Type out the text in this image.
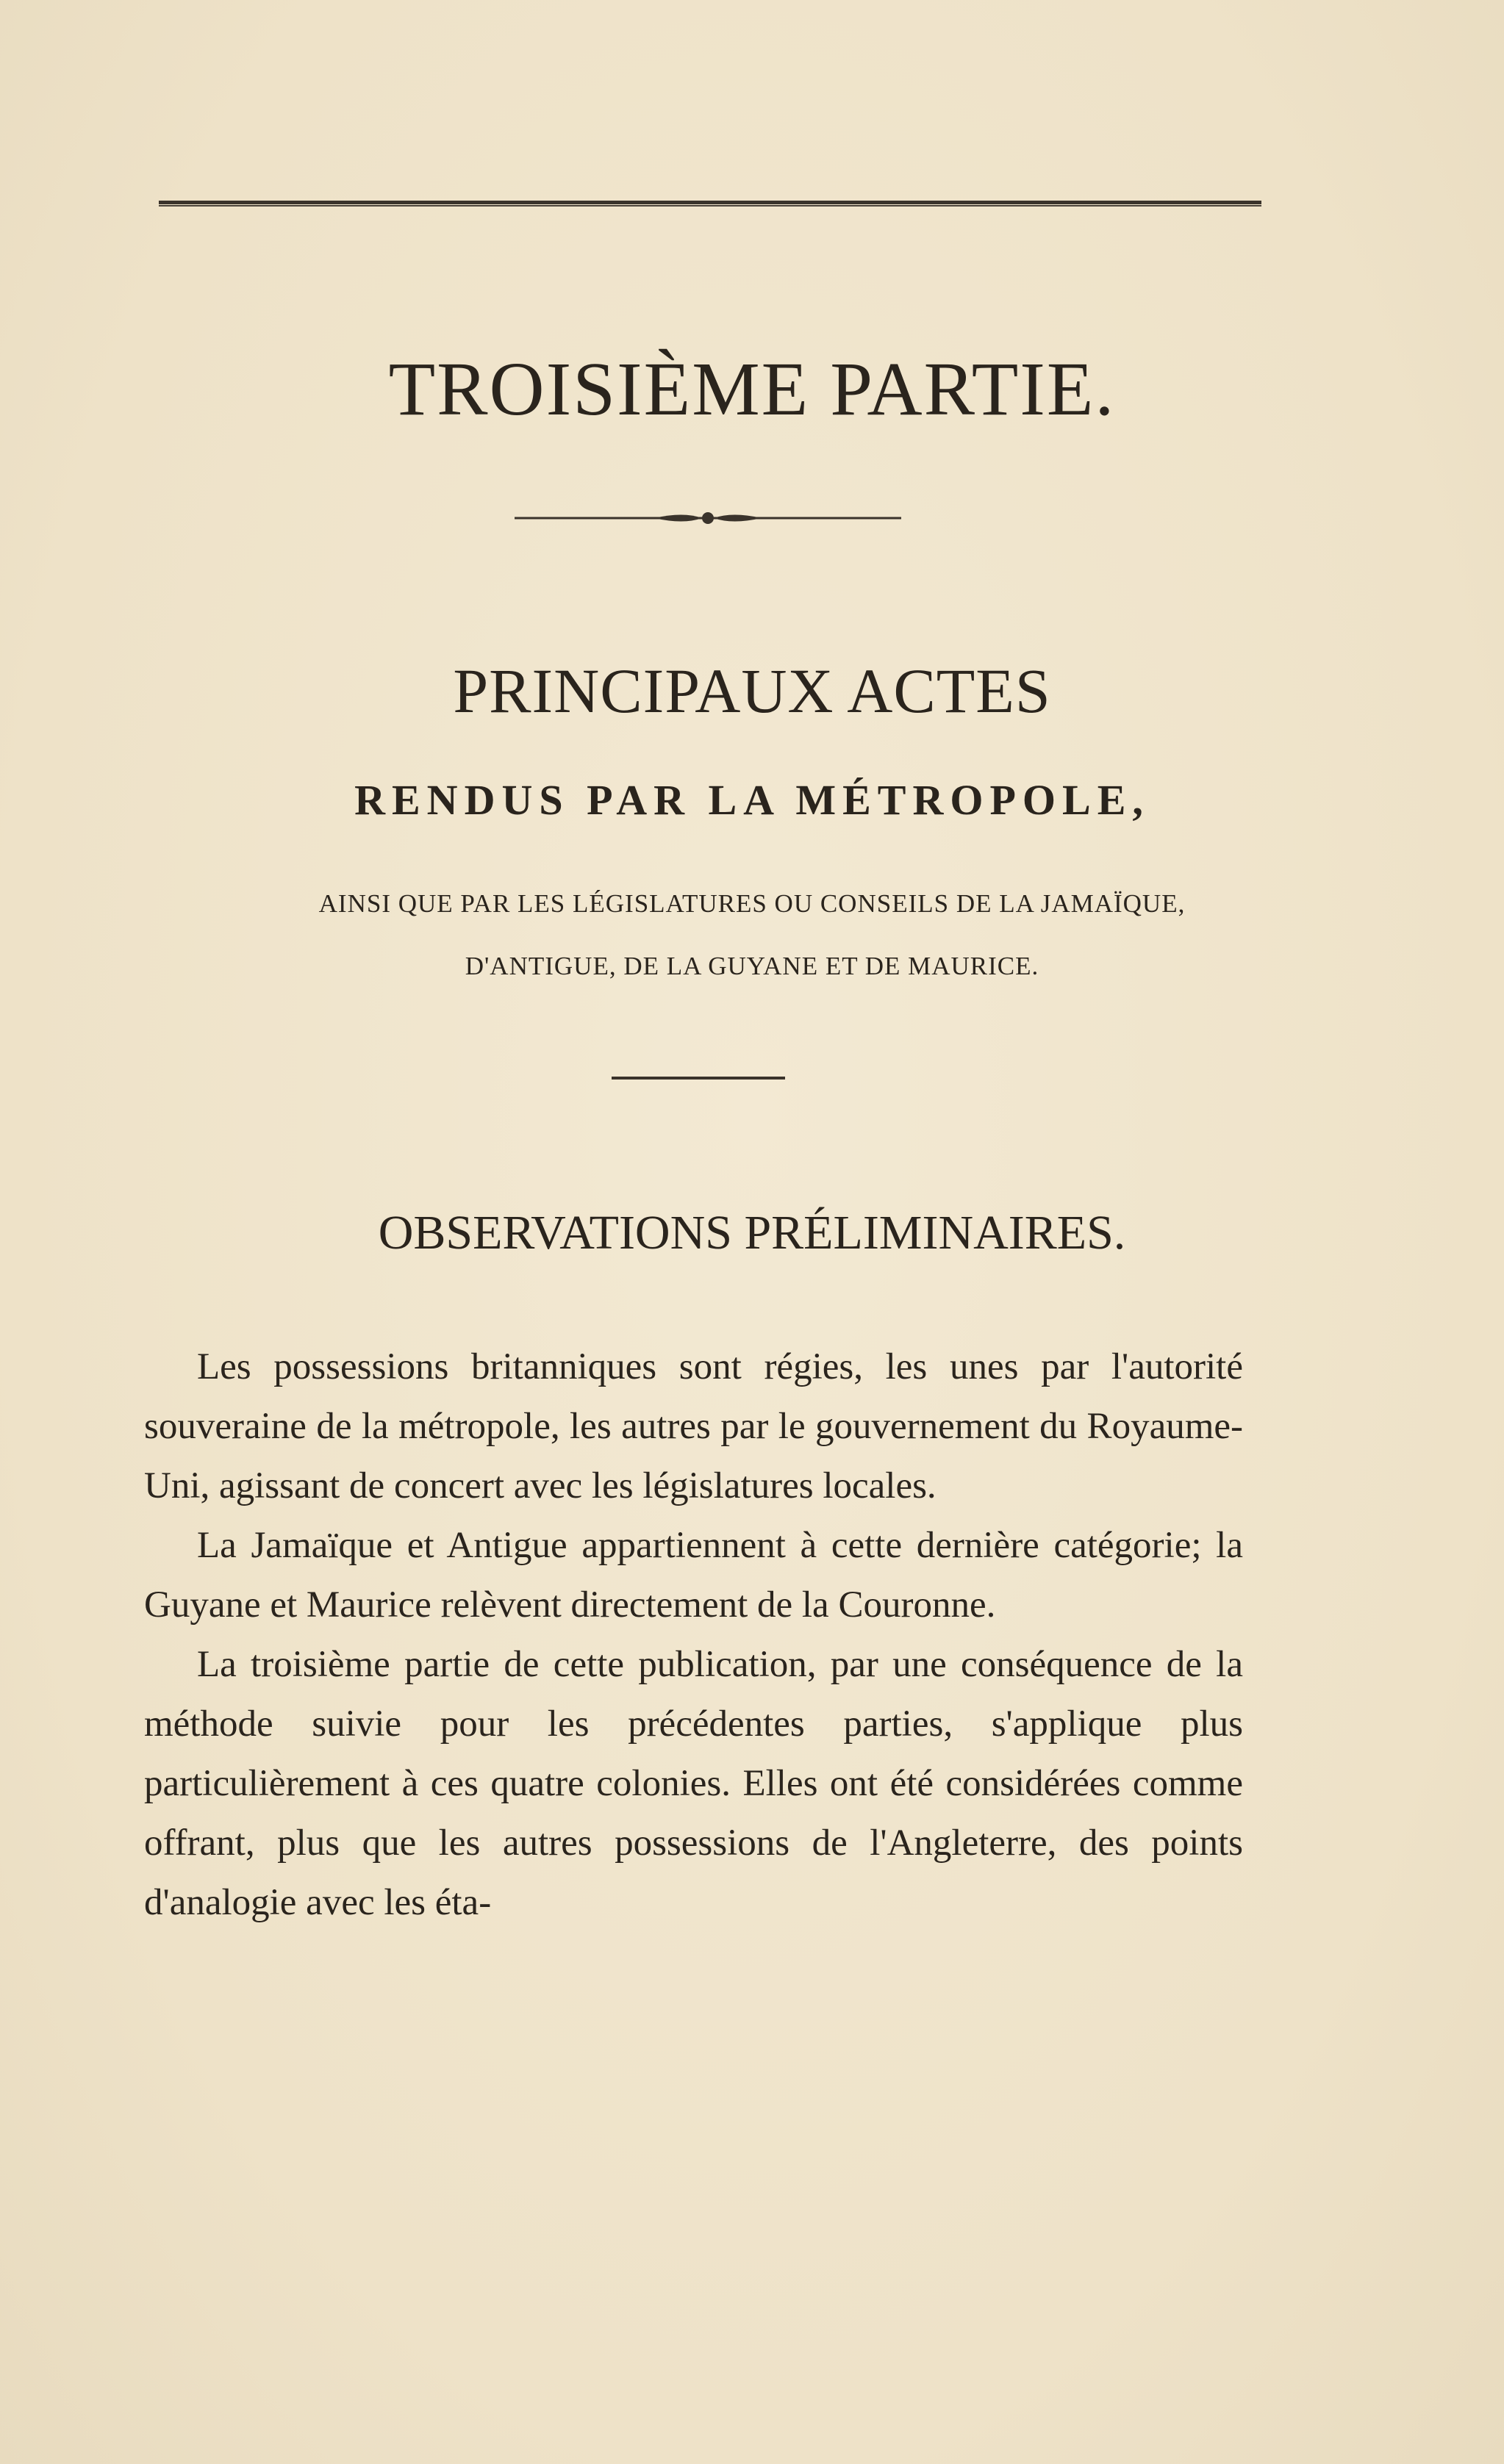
TROISIÈME PARTIE.
PRINCIPAUX ACTES
RENDUS PAR LA MÉTROPOLE,
AINSI QUE PAR LES LÉGISLATURES OU CONSEILS DE LA JAMAÏQUE,
D'ANTIGUE, DE LA GUYANE ET DE MAURICE.
OBSERVATIONS PRÉLIMINAIRES.

Les possessions britanniques sont régies, les unes par l'autorité souveraine de la métropole, les autres par le gouvernement du Royaume-Uni, agissant de concert avec les législatures locales.

La Jamaïque et Antigue appartiennent à cette dernière catégorie; la Guyane et Maurice relèvent directement de la Couronne.

La troisième partie de cette publication, par une conséquence de la méthode suivie pour les précédentes parties, s'applique plus particulièrement à ces quatre colonies. Elles ont été considérées comme offrant, plus que les autres possessions de l'Angleterre, des points d'analogie avec les éta-
